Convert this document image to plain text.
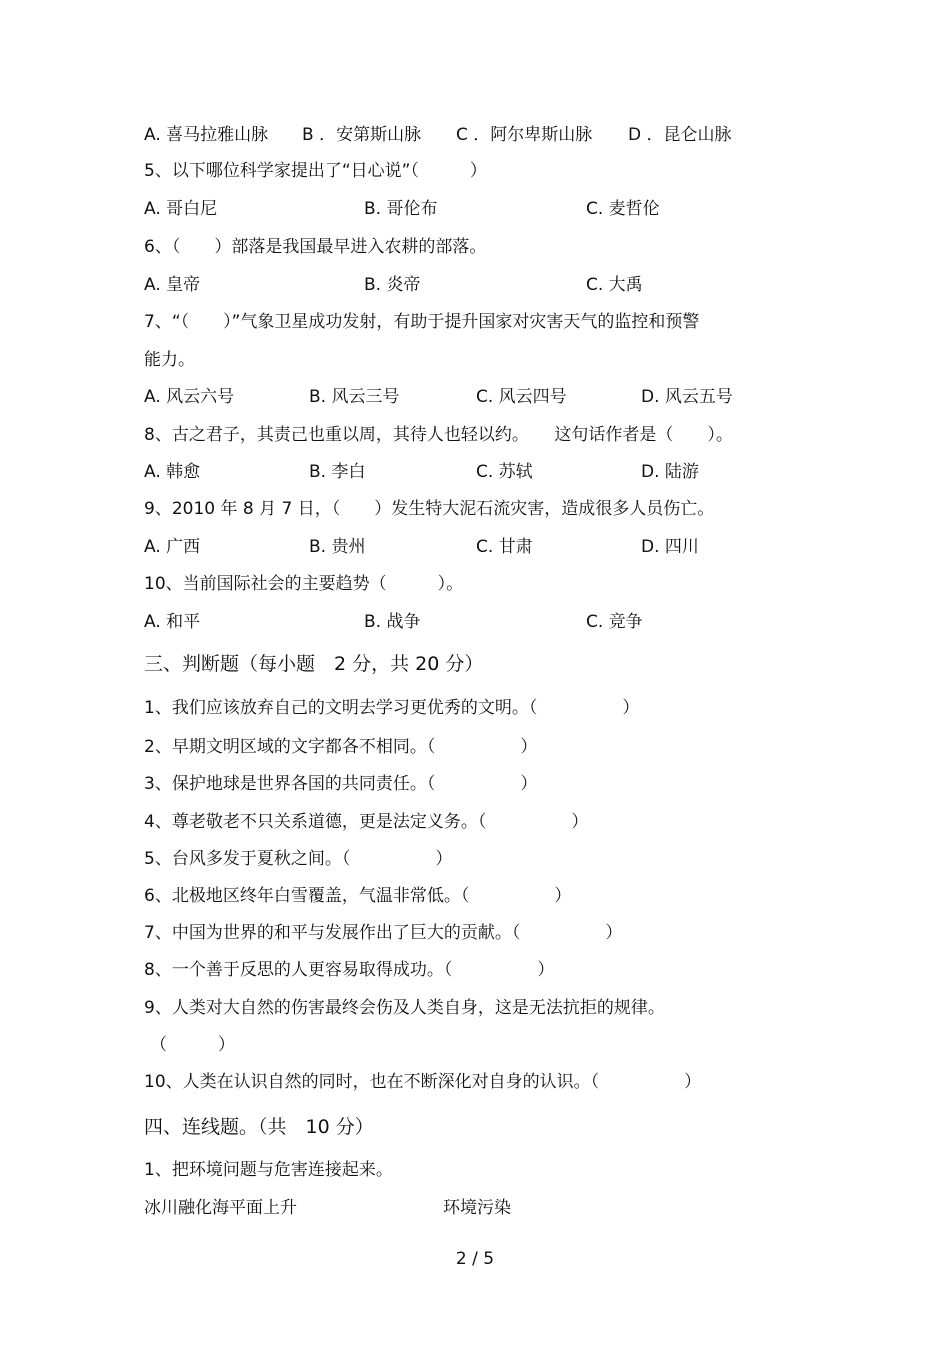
A. 喜马拉雅山脉 B ．安第斯山脉 C ．阿尔卑斯山脉 D ．昆仑山脉
5、以下哪位科学家提出了“日心说”（　　　）
A. 哥白尼	B. 哥伦布	C. 麦哲伦
6、（　　）部落是我国最早进入农耕的部落。
A. 皇帝	B. 炎帝	C. 大禹
7、“（　　）”气象卫星成功发射，有助于提升国家对灾害天气的监控和预警
能力。
A. 风云六号	B. 风云三号	C. 风云四号	D. 风云五号
8、古之君子，其责己也重以周，其待人也轻以约。　　这句话作者是（　　）。
A. 韩愈	B. 李白	C. 苏轼	D. 陆游
9、2010 年 8 月 7 日，（　　）发生特大泥石流灾害，造成很多人员伤亡。
A. 广西	B. 贵州	C. 甘肃	D. 四川
10、当前国际社会的主要趋势（　　　）。
A. 和平	B. 战争	C. 竞争
三、判断题（每小题　2 分，共 20 分）
1、我们应该放弃自己的文明去学习更优秀的文明。（　　　　　）
2、早期文明区域的文字都各不相同。（　　　　　）
3、保护地球是世界各国的共同责任。（　　　　　）
4、尊老敬老不只关系道德，更是法定义务。（　　　　　）
5、台风多发于夏秋之间。（　　　　　）
6、北极地区终年白雪覆盖，气温非常低。（　　　　　）
7、中国为世界的和平与发展作出了巨大的贡献。（　　　　　）
8、一个善于反思的人更容易取得成功。（　　　　　）
9、人类对大自然的伤害最终会伤及人类自身，这是无法抗拒的规律。
（　　　）
10、人类在认识自然的同时，也在不断深化对自身的认识。（　　　　　）
四、连线题。（共　10 分）
1、把环境问题与危害连接起来。
冰川融化海平面上升	环境污染
2 / 5
